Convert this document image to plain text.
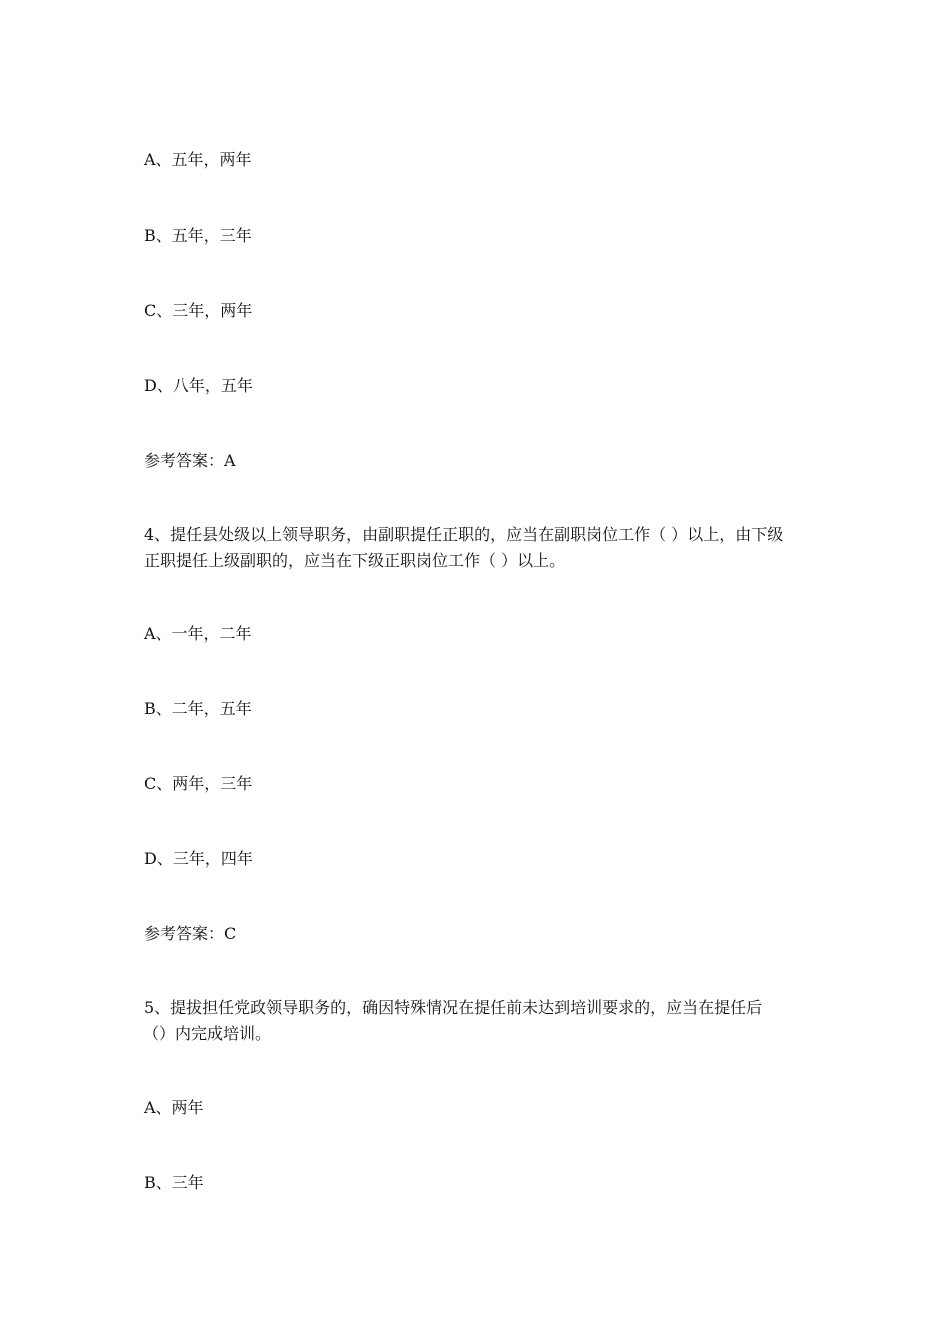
A、五年，两年
B、五年，三年
C、三年，两年
D、八年，五年
参考答案：A
4、提任县处级以上领导职务，由副职提任正职的，应当在副职岗位工作（ ）以上，由下级
正职提任上级副职的，应当在下级正职岗位工作（ ）以上。
A、一年，二年
B、二年，五年
C、两年，三年
D、三年，四年
参考答案：C
5、提拔担任党政领导职务的，确因特殊情况在提任前未达到培训要求的，应当在提任后
（）内完成培训。
A、两年
B、三年
